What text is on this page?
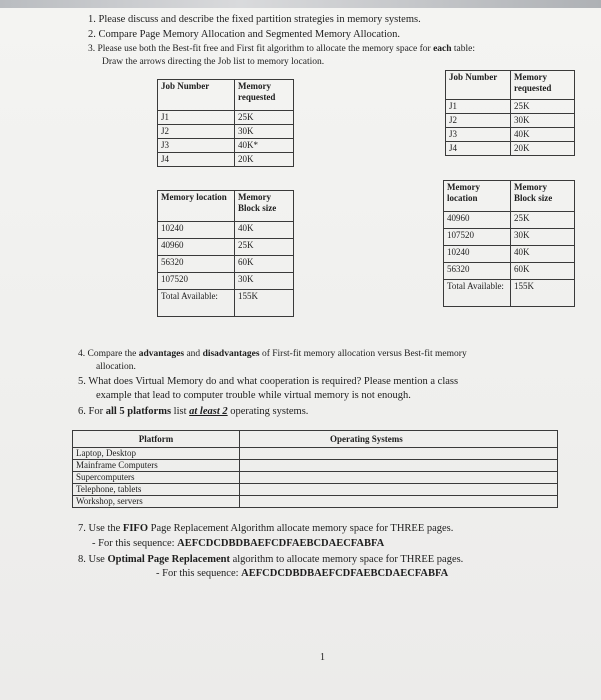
1. Please discuss and describe the fixed partition strategies in memory systems.
2. Compare Page Memory Allocation and Segmented Memory Allocation.
3. Please use both the Best-fit free and First fit algorithm to allocate the memory space for each table:
Draw the arrows directing the Job list to memory location.
Job Number	Memory requested
J1	25K
J2	30K
J3	40K*
J4	20K
Memory location	Memory Block size
10240	40K
40960	25K
56320	60K
107520	30K
Total Available:	155K
Job Number	Memory requested
J1	25K
J2	30K
J3	40K
J4	20K
Memory location	Memory Block size
40960	25K
107520	30K
10240	40K
56320	60K
Total Available:	155K
4. Compare the advantages and disadvantages of First-fit memory allocation versus Best-fit memory
allocation.
5. What does Virtual Memory do and what cooperation is required? Please mention a class
example that lead to computer trouble while virtual memory is not enough.
6. For all 5 platforms list at least 2 operating systems.
Platform	Operating Systems
Laptop, Desktop	
Mainframe Computers	
Supercomputers	
Telephone, tablets	
Workshop, servers	
7. Use the FIFO Page Replacement Algorithm allocate memory space for THREE pages.
- For this sequence: AEFCDCDBDBAEFCDFAEBCDAECFABFA
8. Use Optimal Page Replacement algorithm to allocate memory space for THREE pages.
- For this sequence: AEFCDCDBDBAEFCDFAEBCDAECFABFA
1
